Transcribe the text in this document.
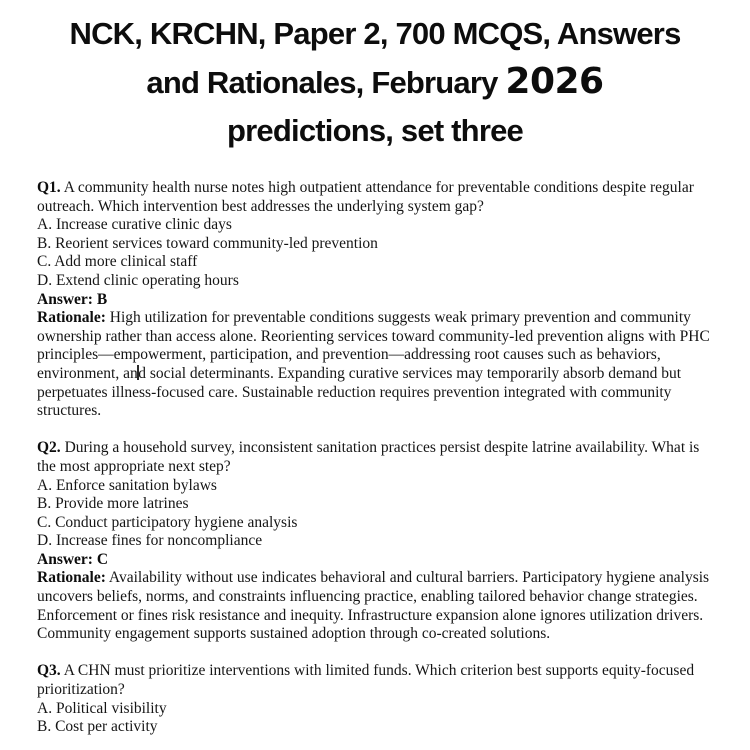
NCK, KRCHN, Paper 2, 700 MCQS, Answers
and Rationales, February 2026
predictions, set three

Q1. A community health nurse notes high outpatient attendance for preventable conditions despite regular outreach. Which intervention best addresses the underlying system gap?

A. Increase curative clinic days

B. Reorient services toward community-led prevention

C. Add more clinical staff

D. Extend clinic operating hours

Answer: B

Rationale: High utilization for preventable conditions suggests weak primary prevention and community ownership rather than access alone. Reorienting services toward community-led prevention aligns with PHC principles—empowerment, participation, and prevention—addressing root causes such as behaviors, environment, and social determinants. Expanding curative services may temporarily absorb demand but perpetuates illness-focused care. Sustainable reduction requires prevention integrated with community structures.

Q2. During a household survey, inconsistent sanitation practices persist despite latrine availability. What is the most appropriate next step?

A. Enforce sanitation bylaws

B. Provide more latrines

C. Conduct participatory hygiene analysis

D. Increase fines for noncompliance

Answer: C

Rationale: Availability without use indicates behavioral and cultural barriers. Participatory hygiene analysis uncovers beliefs, norms, and constraints influencing practice, enabling tailored behavior change strategies. Enforcement or fines risk resistance and inequity. Infrastructure expansion alone ignores utilization drivers. Community engagement supports sustained adoption through co-created solutions.

Q3. A CHN must prioritize interventions with limited funds. Which criterion best supports equity-focused prioritization?

A. Political visibility

B. Cost per activity
